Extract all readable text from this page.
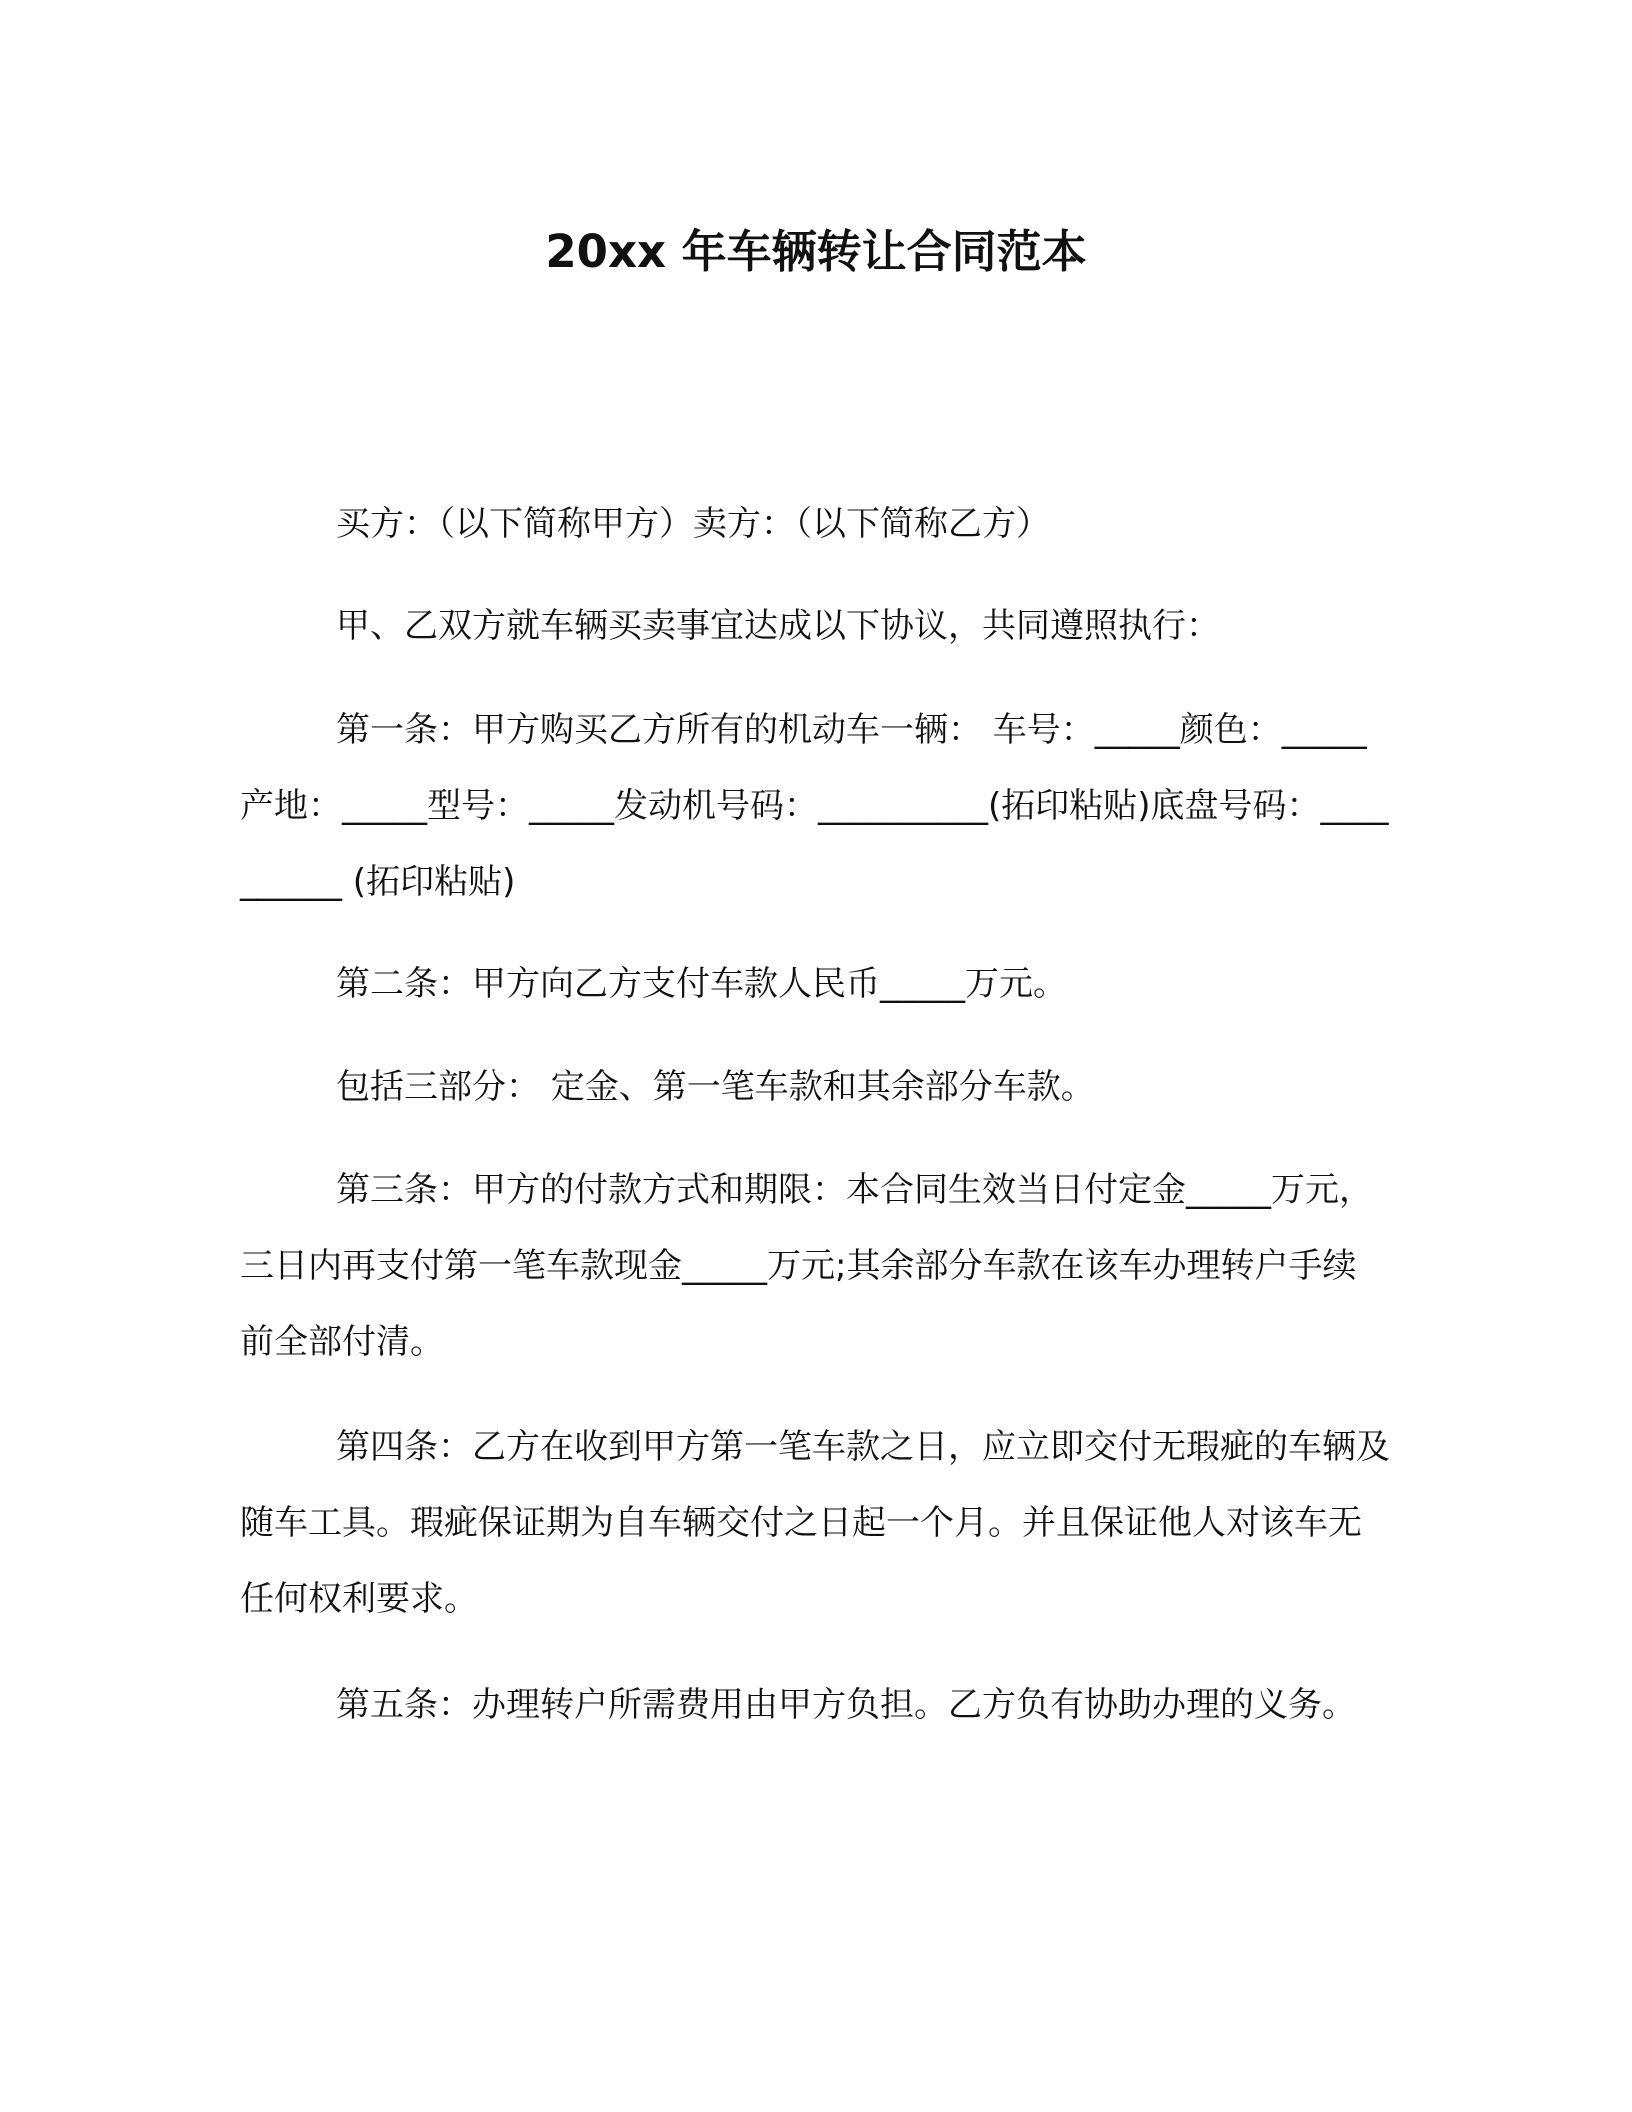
20xx 年车辆转让合同范本

买方：（以下简称甲方）卖方：（以下简称乙方）

甲、乙双方就车辆买卖事宜达成以下协议，共同遵照执行：

第一条：甲方购买乙方所有的机动车一辆： 车号：_____颜色：_____产地：_____型号：_____发动机号码：__________(拓印粘贴)底盘号码：__________ (拓印粘贴)

第二条：甲方向乙方支付车款人民币_____万元。

包括三部分： 定金、第一笔车款和其余部分车款。

第三条：甲方的付款方式和期限：本合同生效当日付定金_____万元，三日内再支付第一笔车款现金_____万元;其余部分车款在该车办理转户手续前全部付清。

第四条：乙方在收到甲方第一笔车款之日，应立即交付无瑕疵的车辆及随车工具。瑕疵保证期为自车辆交付之日起一个月。并且保证他人对该车无任何权利要求。

第五条：办理转户所需费用由甲方负担。乙方负有协助办理的义务。
